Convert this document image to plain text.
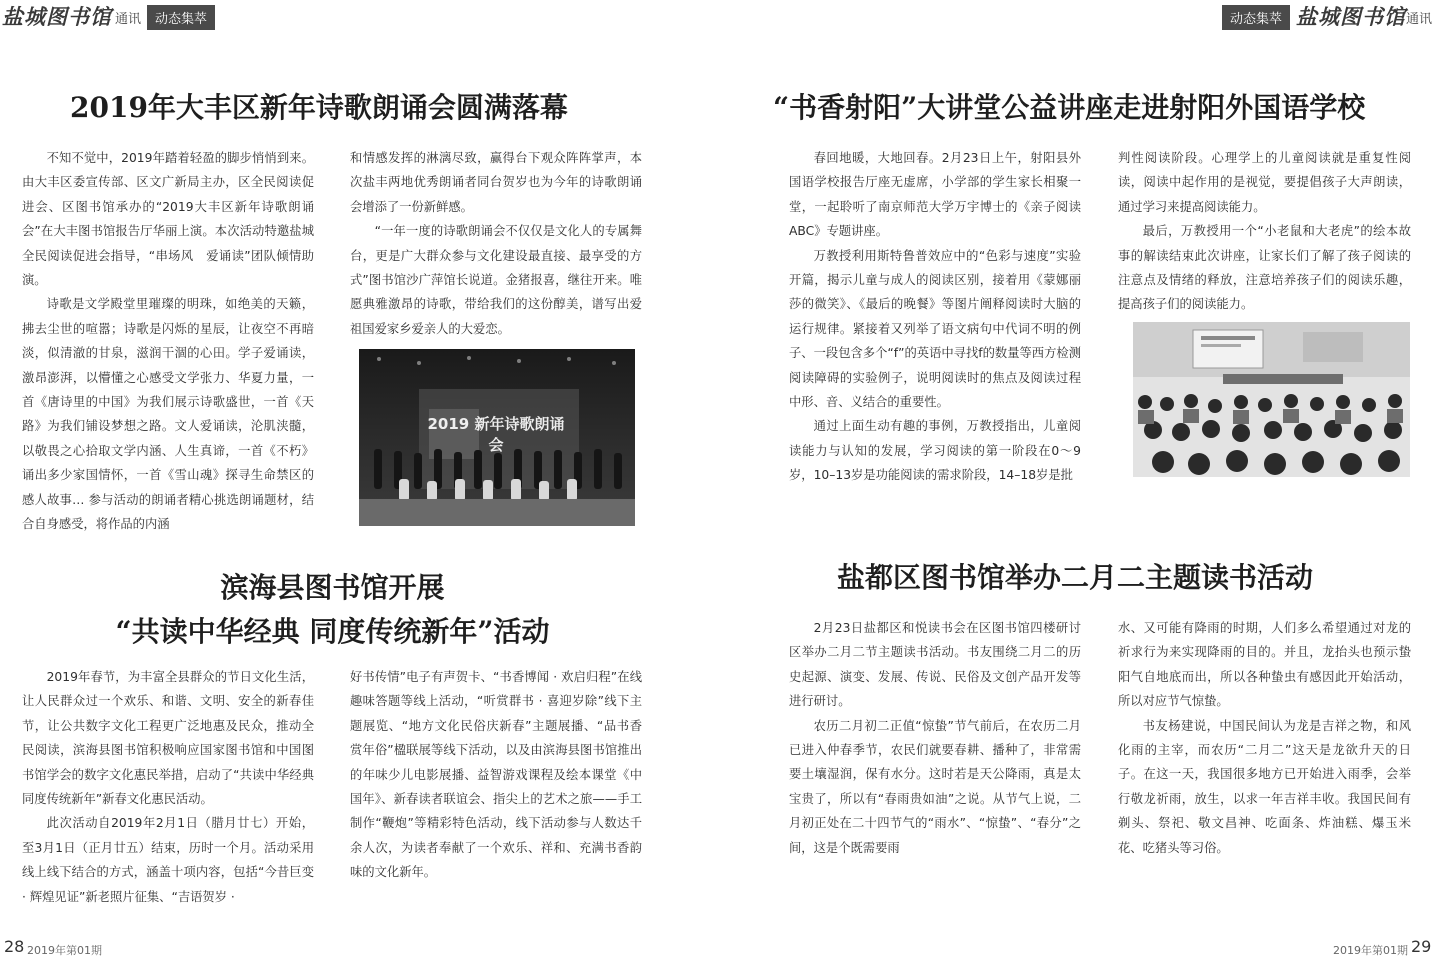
盐城图书馆 通讯	动态集萃	动态集萃 盐城图书馆 通讯
2019年大丰区新年诗歌朗诵会圆满落幕

不知不觉中，2019年踏着轻盈的脚步悄悄到来。由大丰区委宣传部、区文广新局主办，区全民阅读促进会、区图书馆承办的“2019大丰区新年诗歌朗诵会”在大丰图书馆报告厅华丽上演。本次活动特邀盐城全民阅读促进会指导，“串场风　爱诵读”团队倾情助演。

诗歌是文学殿堂里璀璨的明珠，如绝美的天籁，拂去尘世的喧嚣；诗歌是闪烁的星辰，让夜空不再暗淡，似清澈的甘泉，滋润干涸的心田。学子爱诵读，激昂澎湃，以懵懂之心感受文学张力、华夏力量，一首《唐诗里的中国》为我们展示诗歌盛世，一首《天路》为我们铺设梦想之路。文人爱诵读，沦肌浃髓，以敬畏之心拾取文学内涵、人生真谛，一首《不朽》诵出多少家国情怀，一首《雪山魂》探寻生命禁区的感人故事… 参与活动的朗诵者精心挑选朗诵题材，结合自身感受，将作品的内涵

和情感发挥的淋漓尽致，赢得台下观众阵阵掌声，本次盐丰两地优秀朗诵者同台贺岁也为今年的诗歌朗诵会增添了一份新鲜感。

“一年一度的诗歌朗诵会不仅仅是文化人的专属舞台，更是广大群众参与文化建设最直接、最享受的方式”图书馆沙广萍馆长说道。金猪报喜，继往开来。唯愿典雅激昂的诗歌，带给我们的这份醇美，谱写出爱祖国爱家乡爱亲人的大爱恋。

2019 新年诗歌朗诵会
滨海县图书馆开展
“共读中华经典 同度传统新年”活动

2019年春节，为丰富全县群众的节日文化生活，让人民群众过一个欢乐、和谐、文明、安全的新春佳节，让公共数字文化工程更广泛地惠及民众，推动全民阅读，滨海县图书馆积极响应国家图书馆和中国图书馆学会的数字文化惠民举措，启动了“共读中华经典 同度传统新年”新春文化惠民活动。

此次活动自2019年2月1日（腊月廿七）开始，至3月1日（正月廿五）结束，历时一个月。活动采用线上线下结合的方式，涵盖十项内容，包括“今昔巨变 · 辉煌见证”新老照片征集、“吉语贺岁 ·

好书传情”电子有声贺卡、“书香博闻 · 欢启归程”在线趣味答题等线上活动，“听赏群书 · 喜迎岁除”线下主题展览、“地方文化民俗庆新春”主题展播、“品书香　赏年俗”楹联展等线下活动，以及由滨海县图书馆推出的年味少儿电影展播、益智游戏课程及绘本课堂《中国年》、新春读者联谊会、指尖上的艺术之旅——手工制作“鞭炮”等精彩特色活动，线下活动参与人数达千余人次，为读者奉献了一个欢乐、祥和、充满书香韵味的文化新年。

“书香射阳”大讲堂公益讲座走进射阳外国语学校

春回地暖，大地回春。2月23日上午，射阳县外国语学校报告厅座无虚席，小学部的学生家长相聚一堂，一起聆听了南京师范大学万宇博士的《亲子阅读ABC》专题讲座。

万教授利用斯特鲁普效应中的“色彩与速度”实验开篇，揭示儿童与成人的阅读区别，接着用《蒙娜丽莎的微笑》、《最后的晚餐》等图片阐释阅读时大脑的运行规律。紧接着又列举了语文病句中代词不明的例子、一段包含多个“f”的英语中寻找f的数量等西方检测阅读障碍的实验例子，说明阅读时的焦点及阅读过程中形、音、义结合的重要性。

通过上面生动有趣的事例，万教授指出，儿童阅读能力与认知的发展，学习阅读的第一阶段在0～9岁，10–13岁是功能阅读的需求阶段，14–18岁是批

判性阅读阶段。心理学上的儿童阅读就是重复性阅读，阅读中起作用的是视觉，要提倡孩子大声朗读，通过学习来提高阅读能力。

最后，万教授用一个“小老鼠和大老虎”的绘本故事的解读结束此次讲座，让家长们了解了孩子阅读的注意点及情绪的释放，注意培养孩子们的阅读乐趣，提高孩子们的阅读能力。

盐都区图书馆举办二月二主题读书活动

2月23日盐都区和悦读书会在区图书馆四楼研讨区举办二月二节主题读书活动。书友围绕二月二的历史起源、演变、发展、传说、民俗及文创产品开发等进行研讨。

农历二月初二正值“惊蛰”节气前后，在农历二月已进入仲春季节，农民们就要春耕、播种了，非常需要土壤湿润，保有水分。这时若是天公降雨，真是太宝贵了，所以有“春雨贵如油”之说。从节气上说，二月初正处在二十四节气的“雨水”、“惊蛰”、“春分”之间，这是个既需要雨

水、又可能有降雨的时期，人们多么希望通过对龙的祈求行为来实现降雨的目的。并且，龙抬头也预示蛰阳气自地底而出，所以各种蛰虫有感因此开始活动，所以对应节气惊蛰。

书友杨建说，中国民间认为龙是吉祥之物，和风化雨的主宰，而农历“二月二”这天是龙欲升天的日子。在这一天，我国很多地方已开始进入雨季，会举行敬龙祈雨，放生，以求一年吉祥丰收。我国民间有剃头、祭祀、敬文昌神、吃面条、炸油糕、爆玉米花、吃猪头等习俗。

28 2019年第01期	2019年第01期 29
